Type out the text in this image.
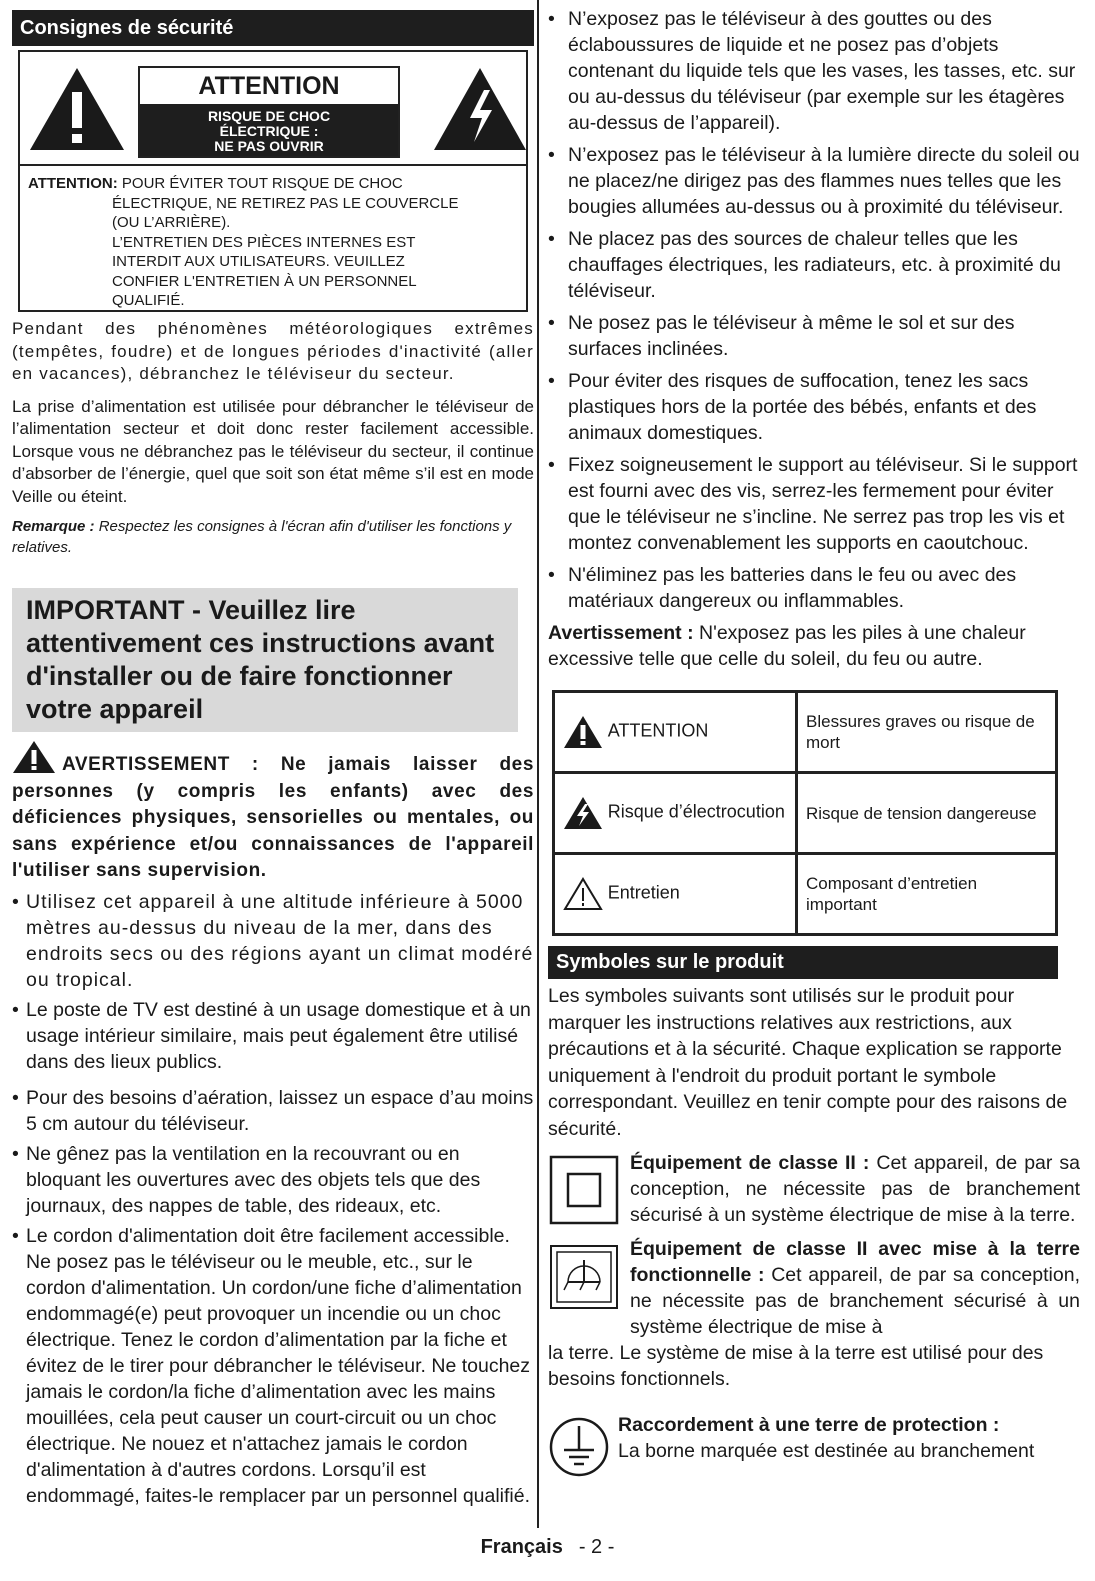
Consignes de sécurité
ATTENTION
RISQUE DE CHOC
ÉLECTRIQUE :
NE PAS OUVRIR
ATTENTION: POUR ÉVITER TOUT RISQUE DE CHOC
ÉLECTRIQUE, NE RETIREZ PAS LE COUVERCLE
(OU L’ARRIÈRE).
L’ENTRETIEN DES PIÈCES INTERNES EST
INTERDIT AUX UTILISATEURS. VEUILLEZ
CONFIER L'ENTRETIEN À UN PERSONNEL
QUALIFIÉ.
Pendant des phénomènes météorologiques extrêmes (tempêtes, foudre) et de longues périodes d'inactivité (aller en vacances), débranchez le téléviseur du secteur.
La prise d’alimentation est utilisée pour débrancher le téléviseur de l’alimentation secteur et doit donc rester facilement accessible. Lorsque vous ne débranchez pas le téléviseur du secteur, il continue d’absorber de l’énergie, quel que soit son état même s’il est en mode Veille ou éteint.
Remarque : Respectez les consignes à l'écran afin d'utiliser les fonctions y relatives.
IMPORTANT - Veuillez lire attentivement ces instructions avant d'installer ou de faire fonctionner votre appareil
AVERTISSEMENT : Ne jamais laisser des personnes (y compris les enfants) avec des déficiences physiques, sensorielles ou mentales, ou sans expérience et/ou connaissances de l'appareil l'utiliser sans supervision.
• Utilisez cet appareil à une altitude inférieure à 5000 mètres au-dessus du niveau de la mer, dans des endroits secs ou des régions ayant un climat modéré ou tropical.
• Le poste de TV est destiné à un usage domestique et à un usage intérieur similaire, mais peut également être utilisé dans des lieux publics.
• Pour des besoins d’aération, laissez un espace d’au moins 5 cm autour du téléviseur.
• Ne gênez pas la ventilation en la recouvrant ou en bloquant les ouvertures avec des objets tels que des journaux, des nappes de table, des rideaux, etc.
• Le cordon d'alimentation doit être facilement accessible. Ne posez pas le téléviseur ou le meuble, etc., sur le cordon d'alimentation. Un cordon/une fiche d’alimentation endommagé(e) peut provoquer un incendie ou un choc électrique. Tenez le cordon d’alimentation par la fiche et évitez de le tirer pour débrancher le téléviseur. Ne touchez jamais le cordon/la fiche d’alimentation avec les mains mouillées, cela peut causer un court-circuit ou un choc électrique. Ne nouez et n'attachez jamais le cordon d'alimentation à d'autres cordons. Lorsqu’il est endommagé, faites-le remplacer par un personnel qualifié.
• N’exposez pas le téléviseur à des gouttes ou des éclaboussures de liquide et ne posez pas d’objets contenant du liquide tels que les vases, les tasses, etc. sur ou au-dessus du téléviseur (par exemple sur les étagères au-dessus de l’appareil).
• N’exposez pas le téléviseur à la lumière directe du soleil ou ne placez/ne dirigez pas des flammes nues telles que les bougies allumées au-dessus ou à proximité du téléviseur.
• Ne placez pas des sources de chaleur telles que les chauffages électriques, les radiateurs, etc. à proximité du téléviseur.
• Ne posez pas le téléviseur à même le sol et sur des surfaces inclinées.
• Pour éviter des risques de suffocation, tenez les sacs plastiques hors de la portée des bébés, enfants et des animaux domestiques.
• Fixez soigneusement le support au téléviseur. Si le support est fourni avec des vis, serrez-les fermement pour éviter que le téléviseur ne s’incline. Ne serrez pas trop les vis et montez convenablement les supports en caoutchouc.
• N'éliminez pas les batteries dans le feu ou avec des matériaux dangereux ou inflammables.
Avertissement : N'exposez pas les piles à une chaleur excessive telle que celle du soleil, du feu ou autre.
ATTENTION	Blessures graves ou risque de mort
Risque d’électrocution	Risque de tension dangereuse
Entretien	Composant d’entretien important
Symboles sur le produit
Les symboles suivants sont utilisés sur le produit pour marquer les instructions relatives aux restrictions, aux précautions et à la sécurité. Chaque explication se rapporte uniquement à l'endroit du produit portant le symbole correspondant. Veuillez en tenir compte pour des raisons de sécurité.
Équipement de classe II : Cet appareil, de par sa conception, ne nécessite pas de branchement sécurisé à un système électrique de mise à la terre.
Équipement de classe II avec mise à la terre fonctionnelle : Cet appareil, de par sa conception, ne nécessite pas de branchement sécurisé à un système électrique de mise à
la terre. Le système de mise à la terre est utilisé pour des besoins fonctionnels.
Raccordement à une terre de protection :
La borne marquée est destinée au branchement
Français - 2 -
